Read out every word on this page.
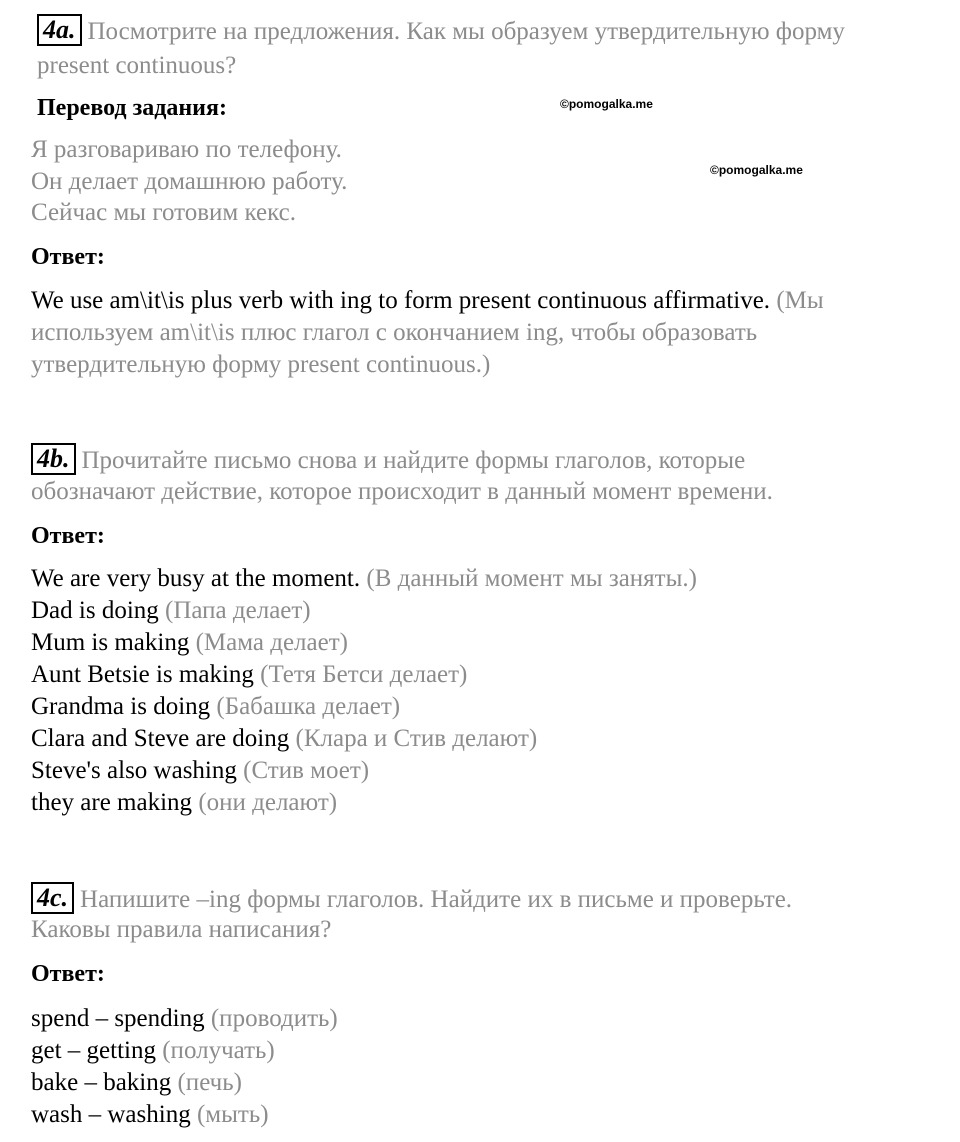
4a. Посмотрите на предложения. Как мы образуем утвердительную форму
present continuous?
Перевод задания:	©pomogalka.me
Я разговариваю по телефону.
©pomogalka.me
Он делает домашнюю работу.
Сейчас мы готовим кекс.
Ответ:
We use am\it\is plus verb with ing to form present continuous affirmative. (Мы
используем am\it\is плюс глагол с окончанием ing, чтобы образовать
утвердительную форму present continuous.)
4b. Прочитайте письмо снова и найдите формы глаголов, которые
обозначают действие, которое происходит в данный момент времени.
Ответ:
We are very busy at the moment. (В данный момент мы заняты.)
Dad is doing (Папа делает)
Mum is making (Мама делает)
Aunt Betsie is making (Тетя Бетси делает)
Grandma is doing (Бабашка делает)
Clara and Steve are doing (Клара и Стив делают)
Steve's also washing (Стив моет)
they are making (они делают)
4c. Напишите –ing формы глаголов. Найдите их в письме и проверьте.
Каковы правила написания?
Ответ:
spend – spending (проводить)
get – getting (получать)
bake – baking (печь)
wash – washing (мыть)
